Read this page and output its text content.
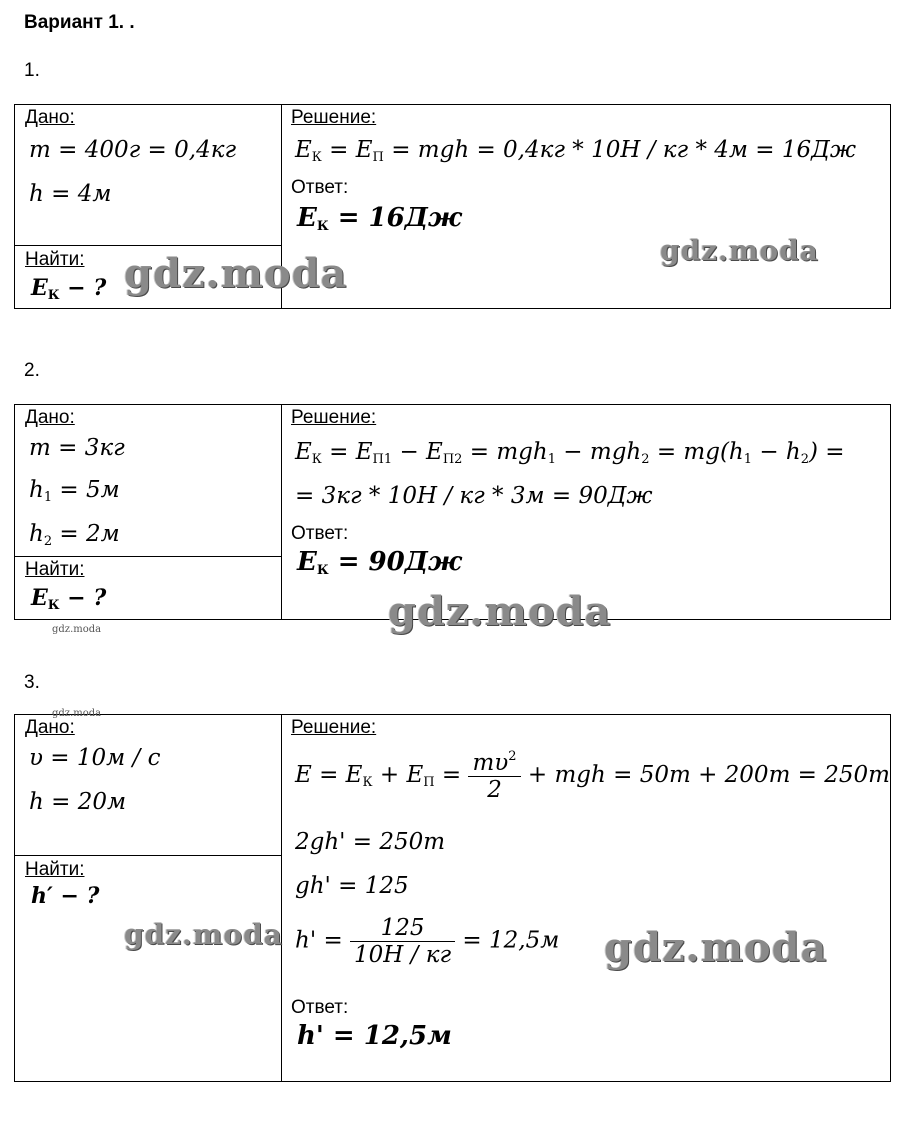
Вариант 1. .
1.
Дано:
m = 400г = 0,4кг
h = 4м
Найти:
$E_К$ − ?
Решение:
$E_К = E_П$ = mgh = 0,4кг * 10Н / кг * 4м = 16Дж
Ответ:
$E_К = 16Дж$
2.
Дано:
m = 3кг
$h_1 = 5м$
$h_2 = 2м$
Найти:
$E_К$ − ?
Решение:
$E_К = E_{П1} - E_{П2} = mgh_1 - mgh_2 = mg(h_1 - h_2)$ =
= 3кг * 10Н / кг * 3м = 90Дж
Ответ:
$E_К = 90Дж$
3.
Дано:
υ = 10м / с
h = 20м
Найти:
h′ − ?
Решение:
$E = E_К + E_П = \frac{m\upsilon^2}{2}$ + mgh = 50m + 200m = 250m
2gh' = 250m
gh' = 125
$h' = \frac{125}{10Н / кг} = 12,5м$
Ответ:
h' = 12,5м
gdz.moda	gdz.moda
gdz.moda
gdz.moda
gdz.moda
gdz.moda	gdz.moda
